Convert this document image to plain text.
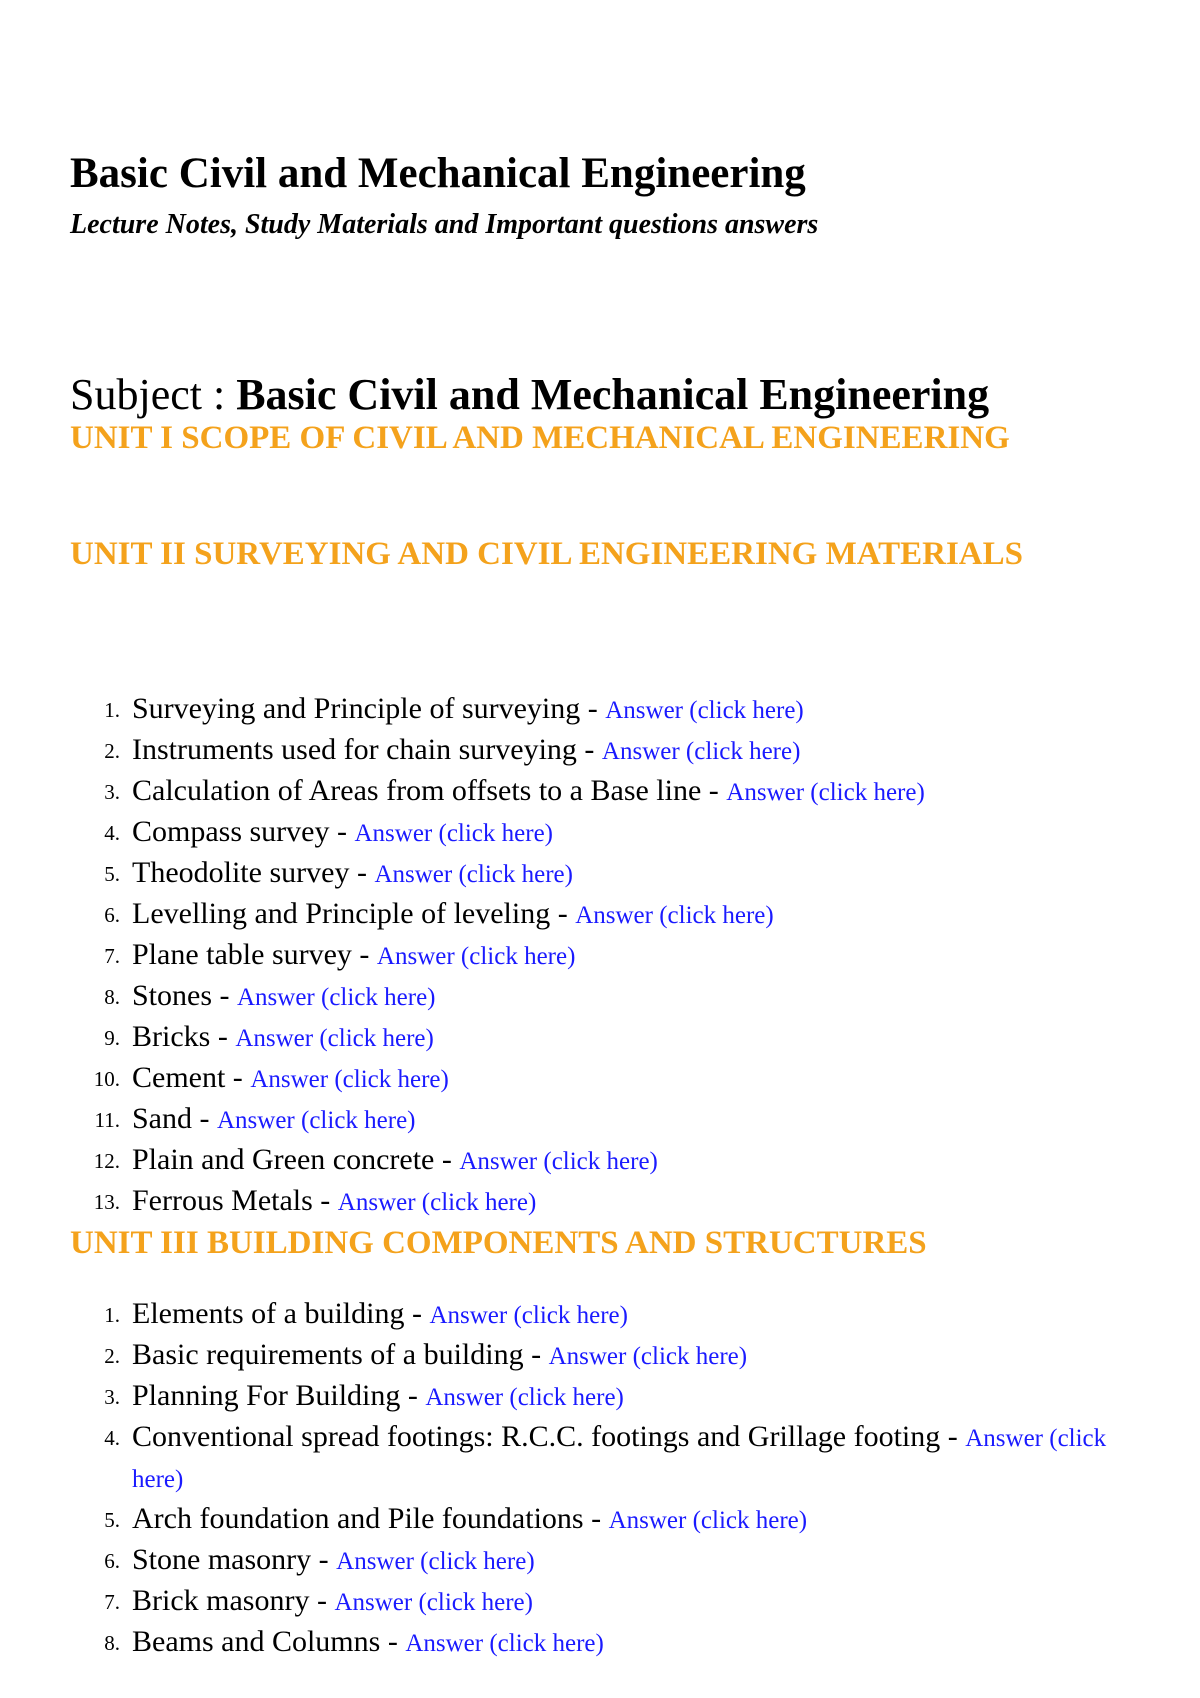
Basic Civil and Mechanical Engineering

Lecture Notes, Study Materials and Important questions answers

Subject : Basic Civil and Mechanical Engineering

UNIT I SCOPE OF CIVIL AND MECHANICAL ENGINEERING
UNIT II SURVEYING AND CIVIL ENGINEERING MATERIALS
1. Surveying and Principle of surveying - Answer (click here)
2. Instruments used for chain surveying - Answer (click here)
3. Calculation of Areas from offsets to a Base line - Answer (click here)
4. Compass survey - Answer (click here)
5. Theodolite survey - Answer (click here)
6. Levelling and Principle of leveling - Answer (click here)
7. Plane table survey - Answer (click here)
8. Stones - Answer (click here)
9. Bricks - Answer (click here)
10. Cement - Answer (click here)
11. Sand - Answer (click here)
12. Plain and Green concrete - Answer (click here)
13. Ferrous Metals - Answer (click here)
UNIT III BUILDING COMPONENTS AND STRUCTURES
1. Elements of a building - Answer (click here)
2. Basic requirements of a building - Answer (click here)
3. Planning For Building - Answer (click here)
4. Conventional spread footings: R.C.C. footings and Grillage footing - Answer (click here)
5. Arch foundation and Pile foundations - Answer (click here)
6. Stone masonry - Answer (click here)
7. Brick masonry - Answer (click here)
8. Beams and Columns - Answer (click here)
